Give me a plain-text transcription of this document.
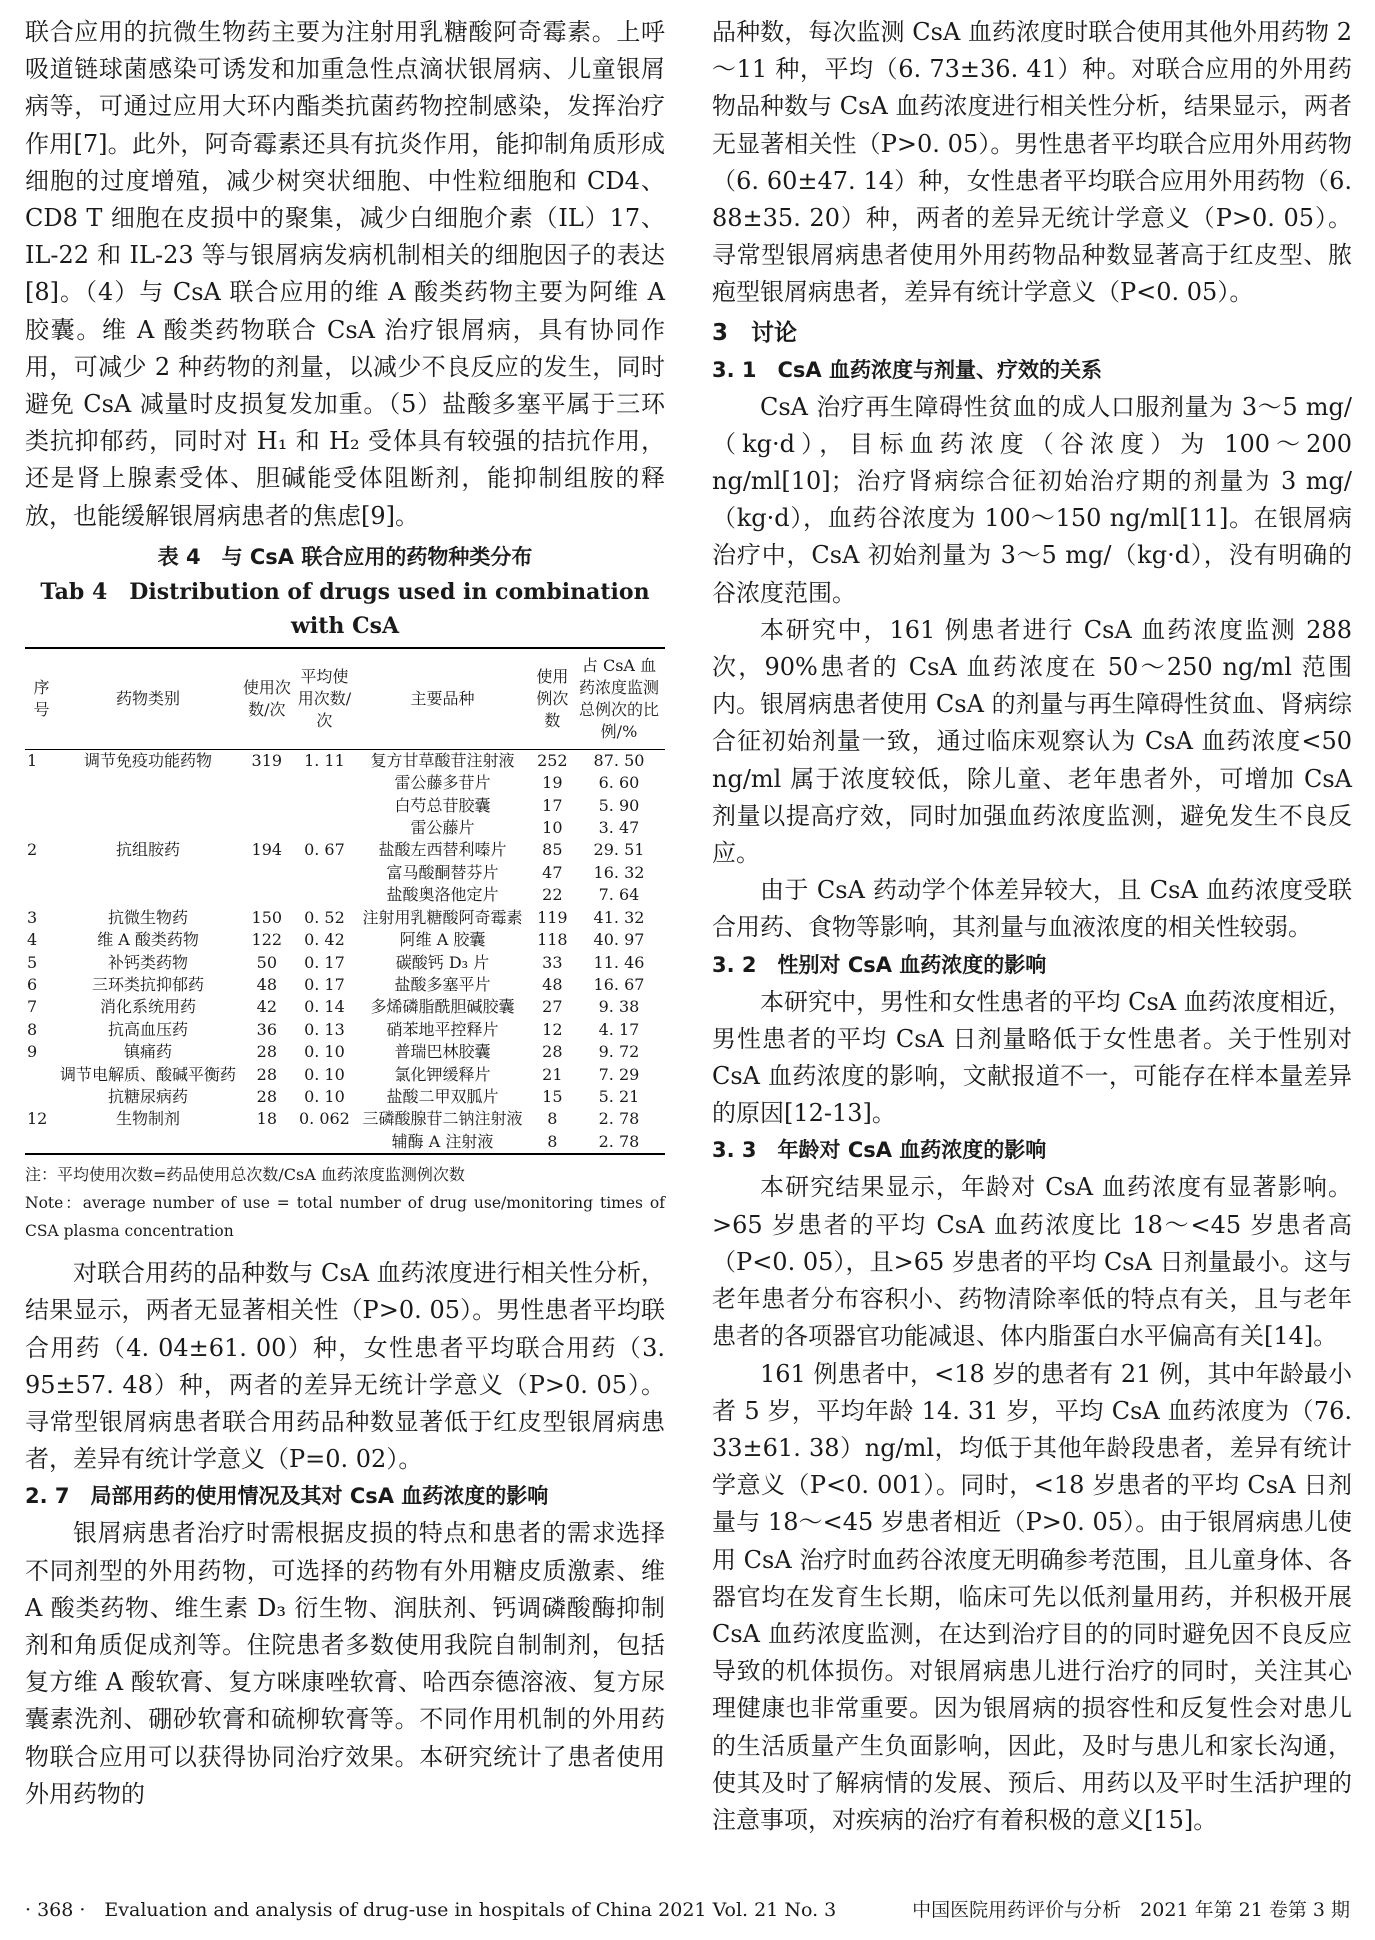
联合应用的抗微生物药主要为注射用乳糖酸阿奇霉素。上呼吸道链球菌感染可诱发和加重急性点滴状银屑病、儿童银屑病等，可通过应用大环内酯类抗菌药物控制感染，发挥治疗作用[7]。此外，阿奇霉素还具有抗炎作用，能抑制角质形成细胞的过度增殖，减少树突状细胞、中性粒细胞和 CD4、CD8 T 细胞在皮损中的聚集，减少白细胞介素（IL）17、IL-22 和 IL-23 等与银屑病发病机制相关的细胞因子的表达[8]。（4）与 CsA 联合应用的维 A 酸类药物主要为阿维 A 胶囊。维 A 酸类药物联合 CsA 治疗银屑病，具有协同作用，可减少 2 种药物的剂量，以减少不良反应的发生，同时避免 CsA 减量时皮损复发加重。（5）盐酸多塞平属于三环类抗抑郁药，同时对 H₁ 和 H₂ 受体具有较强的拮抗作用，还是肾上腺素受体、胆碱能受体阻断剂，能抑制组胺的释放，也能缓解银屑病患者的焦虑[9]。

表 4　与 CsA 联合应用的药物种类分布
Tab 4　Distribution of drugs used in combination with CsA
序号	药物类别	使用次数/次	平均使用次数/次	主要品种	使用例次数	占 CsA 血药浓度监测总例次的比例/%
1	调节免疫功能药物	319	1. 11	复方甘草酸苷注射液	252	87. 50
				雷公藤多苷片	19	6. 60
				白芍总苷胶囊	17	5. 90
				雷公藤片	10	3. 47
2	抗组胺药	194	0. 67	盐酸左西替利嗪片	85	29. 51
				富马酸酮替芬片	47	16. 32
				盐酸奥洛他定片	22	7. 64
3	抗微生物药	150	0. 52	注射用乳糖酸阿奇霉素	119	41. 32
4	维 A 酸类药物	122	0. 42	阿维 A 胶囊	118	40. 97
5	补钙类药物	50	0. 17	碳酸钙 D₃ 片	33	11. 46
6	三环类抗抑郁药	48	0. 17	盐酸多塞平片	48	16. 67
7	消化系统用药	42	0. 14	多烯磷脂酰胆碱胶囊	27	9. 38
8	抗高血压药	36	0. 13	硝苯地平控释片	12	4. 17
9	镇痛药	28	0. 10	普瑞巴林胶囊	28	9. 72
	调节电解质、酸碱平衡药	28	0. 10	氯化钾缓释片	21	7. 29
	抗糖尿病药	28	0. 10	盐酸二甲双胍片	15	5. 21
12	生物制剂	18	0. 062	三磷酸腺苷二钠注射液	8	2. 78
				辅酶 A 注射液	8	2. 78
注：平均使用次数=药品使用总次数/CsA 血药浓度监测例次数
Note：average number of use = total number of drug use/monitoring times of CSA plasma concentration

对联合用药的品种数与 CsA 血药浓度进行相关性分析，结果显示，两者无显著相关性（P>0. 05）。男性患者平均联合用药（4. 04±61. 00）种，女性患者平均联合用药（3. 95±57. 48）种，两者的差异无统计学意义（P>0. 05）。寻常型银屑病患者联合用药品种数显著低于红皮型银屑病患者，差异有统计学意义（P=0. 02）。

2. 7　局部用药的使用情况及其对 CsA 血药浓度的影响

银屑病患者治疗时需根据皮损的特点和患者的需求选择不同剂型的外用药物，可选择的药物有外用糖皮质激素、维 A 酸类药物、维生素 D₃ 衍生物、润肤剂、钙调磷酸酶抑制剂和角质促成剂等。住院患者多数使用我院自制制剂，包括复方维 A 酸软膏、复方咪康唑软膏、哈西奈德溶液、复方尿囊素洗剂、硼砂软膏和硫柳软膏等。不同作用机制的外用药物联合应用可以获得协同治疗效果。本研究统计了患者使用外用药物的

品种数，每次监测 CsA 血药浓度时联合使用其他外用药物 2～11 种，平均（6. 73±36. 41）种。对联合应用的外用药物品种数与 CsA 血药浓度进行相关性分析，结果显示，两者无显著相关性（P>0. 05）。男性患者平均联合应用外用药物（6. 60±47. 14）种，女性患者平均联合应用外用药物（6. 88±35. 20）种，两者的差异无统计学意义（P>0. 05）。寻常型银屑病患者使用外用药物品种数显著高于红皮型、脓疱型银屑病患者，差异有统计学意义（P<0. 05）。

3　讨论
3. 1　CsA 血药浓度与剂量、疗效的关系

CsA 治疗再生障碍性贫血的成人口服剂量为 3～5 mg/（kg·d），目标血药浓度（谷浓度）为 100～200 ng/ml[10]；治疗肾病综合征初始治疗期的剂量为 3 mg/（kg·d），血药谷浓度为 100～150 ng/ml[11]。在银屑病治疗中，CsA 初始剂量为 3～5 mg/（kg·d），没有明确的谷浓度范围。

本研究中，161 例患者进行 CsA 血药浓度监测 288 次，90%患者的 CsA 血药浓度在 50～250 ng/ml 范围内。银屑病患者使用 CsA 的剂量与再生障碍性贫血、肾病综合征初始剂量一致，通过临床观察认为 CsA 血药浓度<50 ng/ml 属于浓度较低，除儿童、老年患者外，可增加 CsA 剂量以提高疗效，同时加强血药浓度监测，避免发生不良反应。

由于 CsA 药动学个体差异较大，且 CsA 血药浓度受联合用药、食物等影响，其剂量与血液浓度的相关性较弱。

3. 2　性别对 CsA 血药浓度的影响

本研究中，男性和女性患者的平均 CsA 血药浓度相近，男性患者的平均 CsA 日剂量略低于女性患者。关于性别对 CsA 血药浓度的影响，文献报道不一，可能存在样本量差异的原因[12-13]。

3. 3　年龄对 CsA 血药浓度的影响

本研究结果显示，年龄对 CsA 血药浓度有显著影响。>65 岁患者的平均 CsA 血药浓度比 18～<45 岁患者高（P<0. 05），且>65 岁患者的平均 CsA 日剂量最小。这与老年患者分布容积小、药物清除率低的特点有关，且与老年患者的各项器官功能减退、体内脂蛋白水平偏高有关[14]。

161 例患者中，<18 岁的患者有 21 例，其中年龄最小者 5 岁，平均年龄 14. 31 岁，平均 CsA 血药浓度为（76. 33±61. 38）ng/ml，均低于其他年龄段患者，差异有统计学意义（P<0. 001）。同时，<18 岁患者的平均 CsA 日剂量与 18～<45 岁患者相近（P>0. 05）。由于银屑病患儿使用 CsA 治疗时血药谷浓度无明确参考范围，且儿童身体、各器官均在发育生长期，临床可先以低剂量用药，并积极开展 CsA 血药浓度监测，在达到治疗目的的同时避免因不良反应导致的机体损伤。对银屑病患儿进行治疗的同时，关注其心理健康也非常重要。因为银屑病的损容性和反复性会对患儿的生活质量产生负面影响，因此，及时与患儿和家长沟通，使其及时了解病情的发展、预后、用药以及平时生活护理的注意事项，对疾病的治疗有着积极的意义[15]。

· 368 ·　Evaluation and analysis of drug-use in hospitals of China 2021 Vol. 21 No. 3	中国医院用药评价与分析　2021 年第 21 卷第 3 期
